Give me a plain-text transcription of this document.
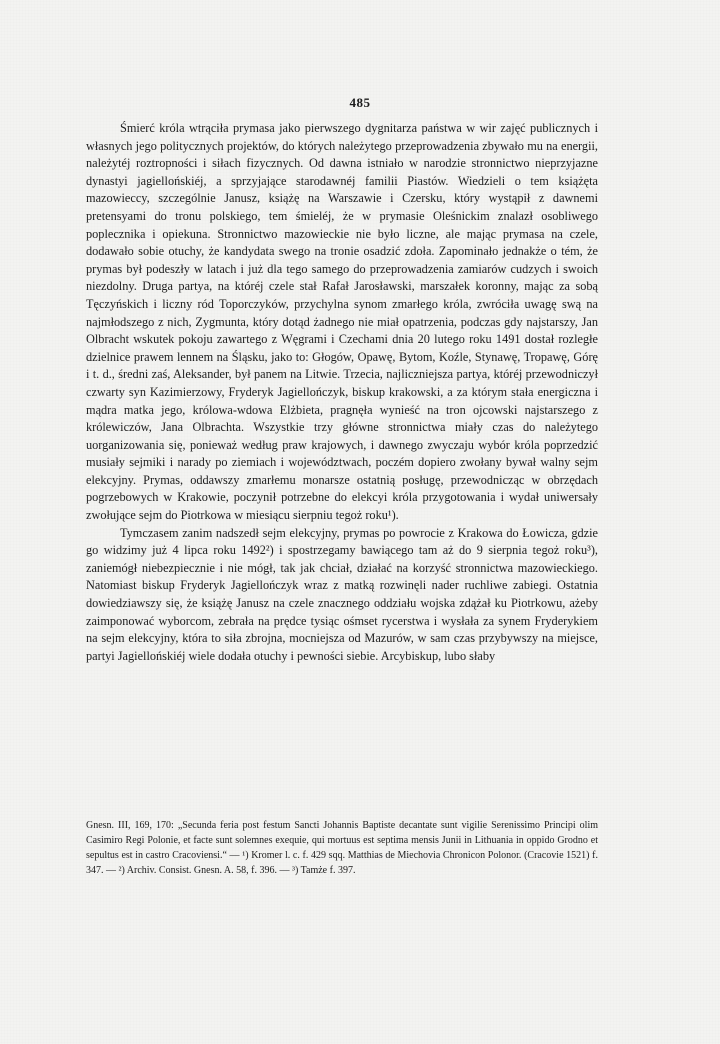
485

Śmierć króla wtrąciła prymasa jako pierwszego dygnitarza państwa w wir zajęć publicznych i własnych jego politycznych projektów, do których należytego przeprowadzenia zbywało mu na energii, należytéj roztropności i siłach fizycznych. Od dawna istniało w narodzie stronnictwo nieprzyjazne dynastyi jagiellońskiéj, a sprzyjające starodawnéj familii Piastów. Wiedzieli o tem książęta mazowieccy, szczególnie Janusz, książę na Warszawie i Czersku, który wystąpił z dawnemi pretensyami do tronu polskiego, tem śmieléj, że w prymasie Oleśnickim znalazł osobliwego poplecznika i opiekuna. Stronnictwo mazowieckie nie było liczne, ale mając prymasa na czele, dodawało sobie otuchy, że kandydata swego na tronie osadzić zdoła. Zapominało jednakże o tém, że prymas był podeszły w latach i już dla tego samego do przeprowadzenia zamiarów cudzych i swoich niezdolny. Druga partya, na któréj czele stał Rafał Jarosławski, marszałek koronny, mając za sobą Tęczyńskich i liczny ród Toporczyków, przychylna synom zmarłego króla, zwróciła uwagę swą na najmłodszego z nich, Zygmunta, który dotąd żadnego nie miał opatrzenia, podczas gdy najstarszy, Jan Olbracht wskutek pokoju zawartego z Węgrami i Czechami dnia 20 lutego roku 1491 dostał rozległe dzielnice prawem lennem na Śląsku, jako to: Głogów, Opawę, Bytom, Koźle, Stynawę, Tropawę, Górę i t. d., średni zaś, Aleksander, był panem na Litwie. Trzecia, najliczniejsza partya, któréj przewodniczył czwarty syn Kazimierzowy, Fryderyk Jagiellończyk, biskup krakowski, a za którym stała energiczna i mądra matka jego, królowa-wdowa Elżbieta, pragnęła wynieść na tron ojcowski najstarszego z królewiczów, Jana Olbrachta. Wszystkie trzy główne stronnictwa miały czas do należytego uorganizowania się, ponieważ według praw krajowych, i dawnego zwyczaju wybór króla poprzedzić musiały sejmiki i narady po ziemiach i województwach, poczém dopiero zwołany bywał walny sejm elekcyjny. Prymas, oddawszy zmarłemu monarsze ostatnią posługę, przewodnicząc w obrzędach pogrzebowych w Krakowie, poczynił potrzebne do elekcyi króla przygotowania i wydał uniwersały zwołujące sejm do Piotrkowa w miesiącu sierpniu tegoż roku¹).

Tymczasem zanim nadszedł sejm elekcyjny, prymas po powrocie z Krakowa do Łowicza, gdzie go widzimy już 4 lipca roku 1492²) i spostrzegamy bawiącego tam aż do 9 sierpnia tegoż roku³), zaniemógł niebezpiecznie i nie mógł, tak jak chciał, działać na korzyść stronnictwa mazowieckiego. Natomiast biskup Fryderyk Jagiellończyk wraz z matką rozwinęli nader ruchliwe zabiegi. Ostatnia dowiedziawszy się, że książę Janusz na czele znacznego oddziału wojska zdążał ku Piotrkowu, ażeby zaimponować wyborcom, zebrała na prędce tysiąc ośmset rycerstwa i wysłała za synem Fryderykiem na sejm elekcyjny, która to siła zbrojna, mocniejsza od Mazurów, w sam czas przybywszy na miejsce, partyi Jagiellońskiéj wiele dodała otuchy i pewności siebie. Arcybiskup, lubo słaby

Gnesn. III, 169, 170: „Secunda feria post festum Sancti Johannis Baptiste decantate sunt vigilie Serenissimo Principi olim Casimiro Regi Polonie, et facte sunt solemnes exequie, qui mortuus est septima mensis Junii in Lithuania in oppido Grodno et sepultus est in castro Cracoviensi.“ — ¹) Kromer l. c. f. 429 sqq. Matthias de Miechovia Chronicon Polonor. (Cracovie 1521) f. 347. — ²) Archiv. Consist. Gnesn. A. 58, f. 396. — ³) Tamże f. 397.
